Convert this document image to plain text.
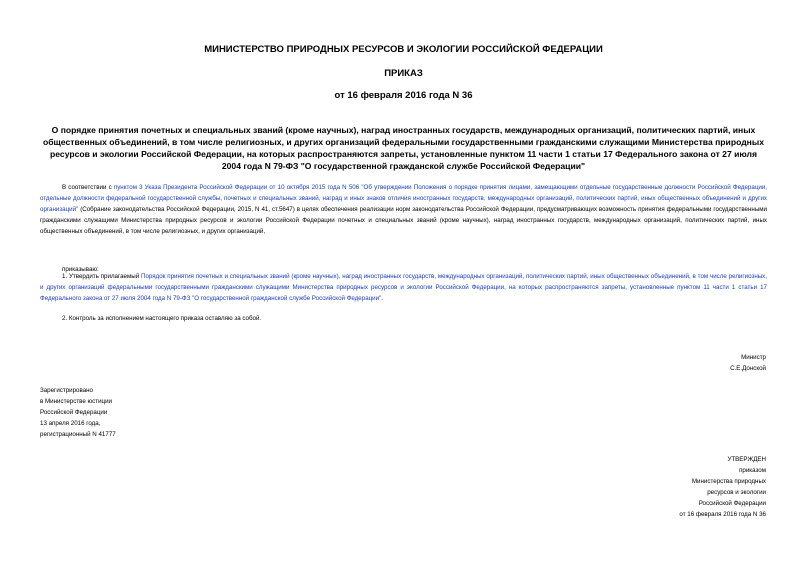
МИНИСТЕРСТВО ПРИРОДНЫХ РЕСУРСОВ И ЭКОЛОГИИ РОССИЙСКОЙ ФЕДЕРАЦИИ
ПРИКАЗ
от 16 февраля 2016 года N 36
О порядке принятия почетных и специальных званий (кроме научных), наград иностранных государств, международных организаций, политических партий, иных общественных объединений, в том числе религиозных, и других организаций федеральными государственными гражданскими служащими Министерства природных ресурсов и экологии Российской Федерации, на которых распространяются запреты, установленные пунктом 11 части 1 статьи 17 Федерального закона от 27 июля 2004 года N 79-ФЗ "О государственной гражданской службе Российской Федерации"
В соответствии с пунктом 3 Указа Президента Российской Федерации от 10 октября 2015 года N 506 "Об утверждении Положения о порядке принятия лицами, замещающими отдельные государственные должности Российской Федерации, отдельные должности федеральной государственной службы, почетных и специальных званий, наград и иных знаков отличия иностранных государств, международных организаций, политических партий, иных общественных объединений и других организаций" (Собрание законодательства Российской Федерации, 2015, N 41, ст.5647) в целях обеспечения реализации норм законодательства Российской Федерации, предусматривающих возможность принятия федеральными государственными гражданскими служащими Министерства природных ресурсов и экологии Российской Федерации почетных и специальных званий (кроме научных), наград иностранных государств, международных организаций, политических партий, иных общественных объединений, в том числе религиозных, и других организаций,
приказываю:
1. Утвердить прилагаемый Порядок принятия почетных и специальных званий (кроме научных), наград иностранных государств, международных организаций, политических партий, иных общественных объединений, в том числе религиозных, и других организаций федеральными государственными гражданскими служащими Министерства природных ресурсов и экологии Российской Федерации, на которых распространяются запреты, установленные пунктом 11 части 1 статьи 17 Федерального закона от 27 июля 2004 года N 79-ФЗ "О государственной гражданской службе Российской Федерации".
2. Контроль за исполнением настоящего приказа оставляю за собой.
Министр
С.Е.Донской
Зарегистрировано
в Министерстве юстиции
Российской Федерации
13 апреля 2016 года,
регистрационный N 41777
УТВЕРЖДЕН
приказом
Министерства природных
ресурсов и экологии
Российской Федерации
от 16 февраля 2016 года N 36
